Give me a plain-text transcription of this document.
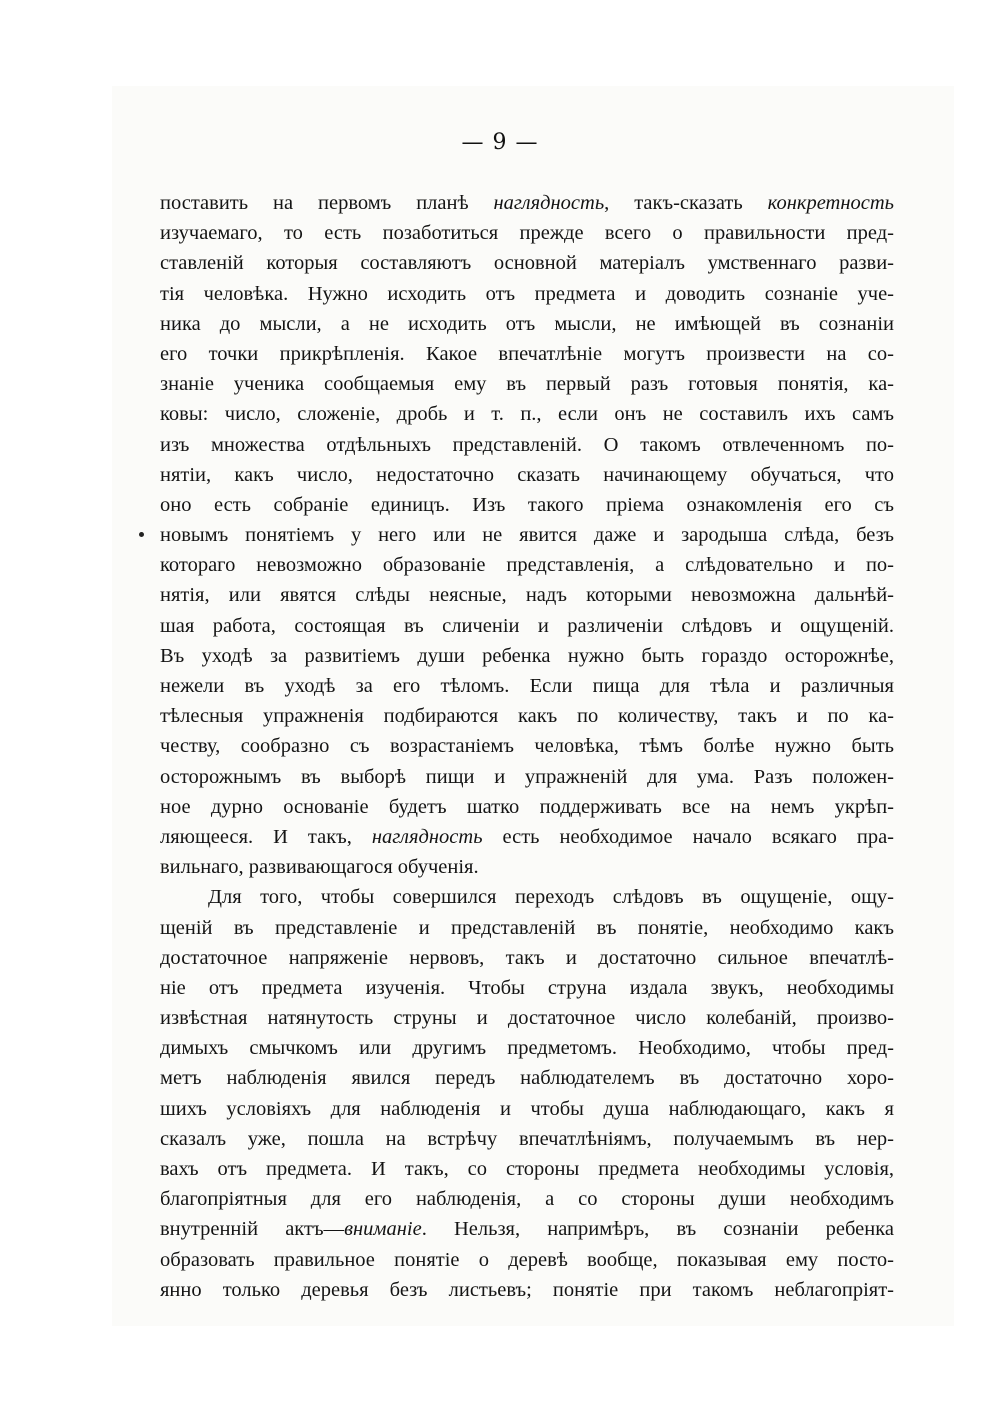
— 9 —
поставить на первомъ планѣ наглядность, такъ-сказать конкретность
изучаемаго, то есть позаботиться прежде всего о правильности пред-
ставленій которыя составляютъ основной матеріалъ умственнаго разви-
тія человѣка. Нужно исходить отъ предмета и доводить сознаніе уче-
ника до мысли, а не исходить отъ мысли, не имѣющей въ сознаніи
его точки прикрѣпленія. Какое впечатлѣніе могутъ произвести на со-
знаніе ученика сообщаемыя ему въ первый разъ готовыя понятія, ка-
ковы: число, сложеніе, дробь и т. п., если онъ не составилъ ихъ самъ
изъ множества отдѣльныхъ представленій. О такомъ отвлеченномъ по-
нятіи, какъ число, недостаточно сказать начинающему обучаться, что
оно есть собраніе единицъ. Изъ такого пріема ознакомленія его съ
новымъ понятіемъ у него или не явится даже и зародыша слѣда, безъ
котораго невозможно образованіе представленія, а слѣдовательно и по-
нятія, или явятся слѣды неясные, надъ которыми невозможна дальнѣй-
шая работа, состоящая въ сличеніи и различеніи слѣдовъ и ощущеній.
Въ уходѣ за развитіемъ души ребенка нужно быть гораздо осторожнѣе,
нежели въ уходѣ за его тѣломъ. Если пища для тѣла и различныя
тѣлесныя упражненія подбираются какъ по количеству, такъ и по ка-
честву, сообразно съ возрастаніемъ человѣка, тѣмъ болѣе нужно быть
осторожнымъ въ выборѣ пищи и упражненій для ума. Разъ положен-
ное дурно основаніе будетъ шатко поддерживать все на немъ укрѣп-
ляющееся. И такъ, наглядность есть необходимое начало всякаго пра-
вильнаго, развивающагося обученія.
Для того, чтобы совершился переходъ слѣдовъ въ ощущеніе, ощу-
щеній въ представленіе и представленій въ понятіе, необходимо какъ
достаточное напряженіе нервовъ, такъ и достаточно сильное впечатлѣ-
ніе отъ предмета изученія. Чтобы струна издала звукъ, необходимы
извѣстная натянутость струны и достаточное число колебаній, произво-
димыхъ смычкомъ или другимъ предметомъ. Необходимо, чтобы пред-
метъ наблюденія явился передъ наблюдателемъ въ достаточно хоро-
шихъ условіяхъ для наблюденія и чтобы душа наблюдающаго, какъ я
сказалъ уже, пошла на встрѣчу впечатлѣніямъ, получаемымъ въ нер-
вахъ отъ предмета. И такъ, со стороны предмета необходимы условія,
благопріятныя для его наблюденія, а со стороны души необходимъ
внутренній актъ—вниманіе. Нельзя, напримѣръ, въ сознаніи ребенка
образовать правильное понятіе о деревѣ вообще, показывая ему посто-
янно только деревья безъ листьевъ; понятіе при такомъ неблагопріят-
